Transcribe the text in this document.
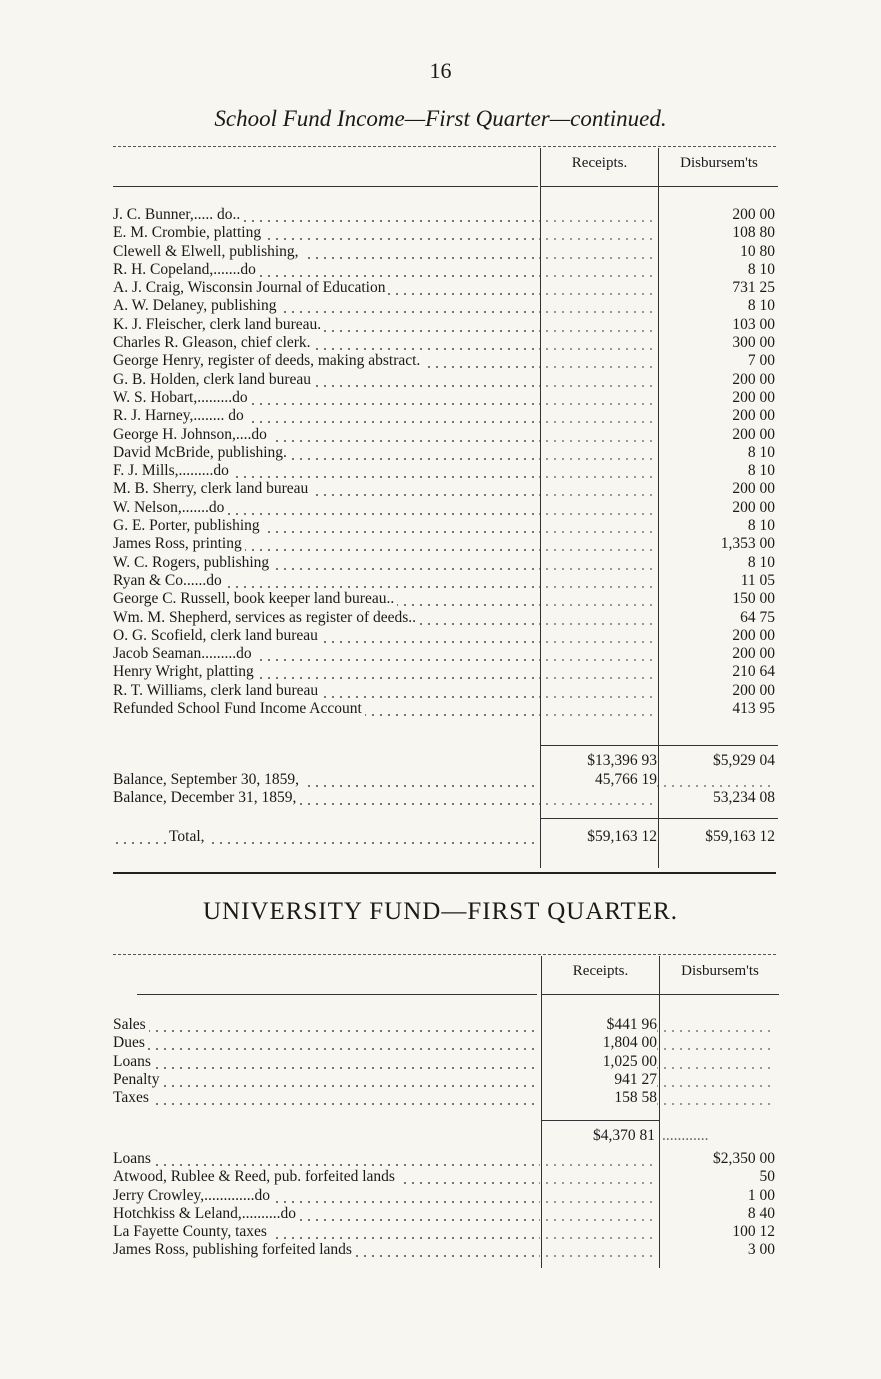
16
School Fund Income—First Quarter—continued.
Receipts.	Disbursem'ts
J. C. Bunner,..... do..		200 00
E. M. Crombie, platting		108 80
Clewell & Elwell, publishing,		10 80
R. H. Copeland,.......do		8 10
A. J. Craig, Wisconsin Journal of Education		731 25
A. W. Delaney, publishing		8 10
K. J. Fleischer, clerk land bureau.		103 00
Charles R. Gleason, chief clerk.		300 00
George Henry, register of deeds, making abstract.		7 00
G. B. Holden, clerk land bureau		200 00
W. S. Hobart,.........do		200 00
R. J. Harney,........ do		200 00
George H. Johnson,....do		200 00
David McBride, publishing.		8 10
F. J. Mills,.........do		8 10
M. B. Sherry, clerk land bureau		200 00
W. Nelson,.......do		200 00
G. E. Porter, publishing		8 10
James Ross, printing		1,353 00
W. C. Rogers, publishing		8 10
Ryan & Co......do		11 05
George C. Russell, book keeper land bureau..		150 00
Wm. M. Shepherd, services as register of deeds..		64 75
O. G. Scofield, clerk land bureau		200 00
Jacob Seaman.........do		200 00
Henry Wright, platting		210 64
R. T. Williams, clerk land bureau		200 00
Refunded School Fund Income Account		413 95
	$13,396 93	$5,929 04
Balance, September 30, 1859,	45,766 19	
Balance, December 31, 1859,		53,234 08
Total,	$59,163 12	$59,163 12
UNIVERSITY FUND—FIRST QUARTER.
Receipts.	Disbursem'ts
Sales	$441 96	
Dues	1,804 00	
Loans	1,025 00	
Penalty	941 27	
Taxes	158 58	
$4,370 81 ............
Loans		$2,350 00
Atwood, Rublee & Reed, pub. forfeited lands		50
Jerry Crowley,.............do		1 00
Hotchkiss & Leland,..........do		8 40
La Fayette County, taxes		100 12
James Ross, publishing forfeited lands		3 00
